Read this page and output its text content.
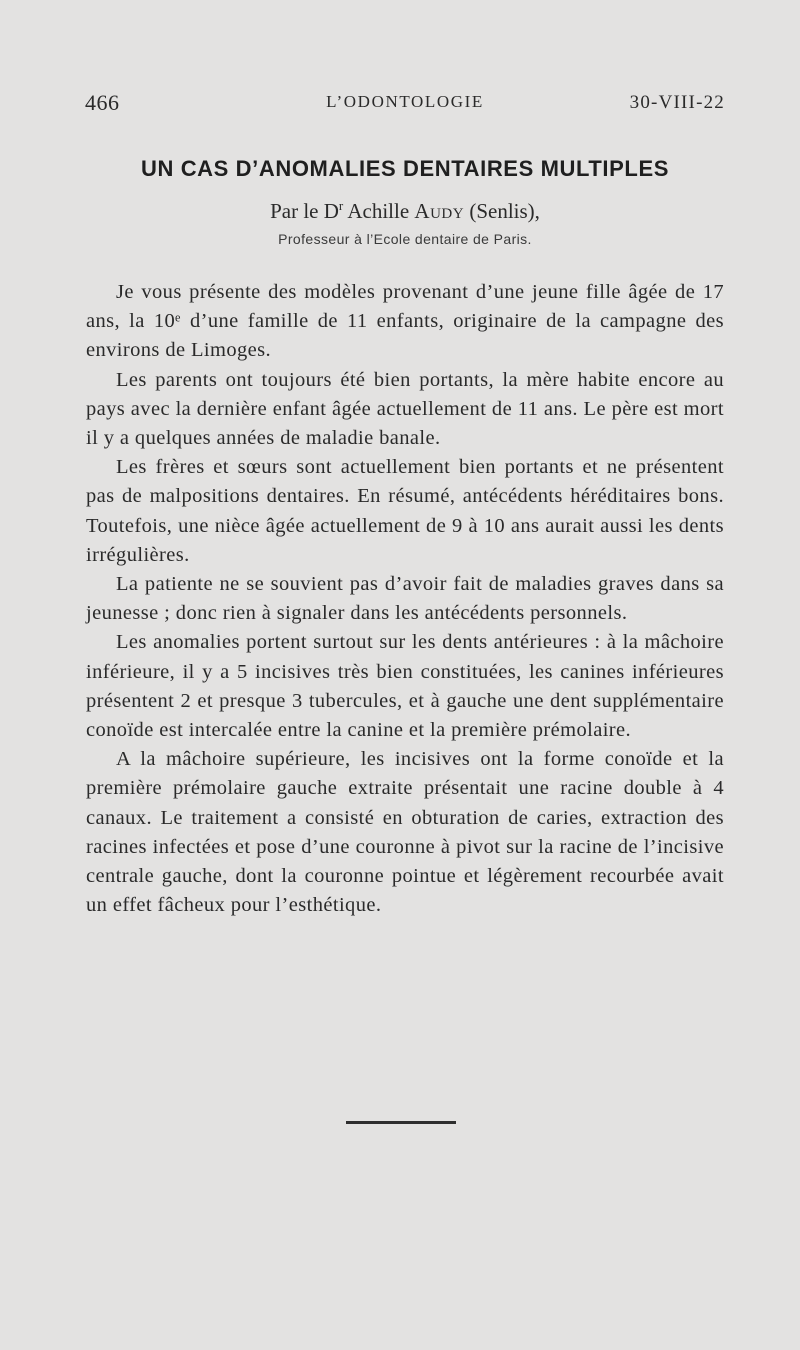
466	L’ODONTOLOGIE	30-VIII-22
UN CAS D’ANOMALIES DENTAIRES MULTIPLES
Par le $D^r$ Achille Audy (Senlis),
Professeur à l’Ecole dentaire de Paris.

Je vous présente des modèles provenant d’une jeune fille âgée de 17 ans, la 10ᵉ d’une famille de 11 enfants, originaire de la campagne des environs de Limoges.

Les parents ont toujours été bien portants, la mère habite encore au pays avec la dernière enfant âgée actuellement de 11 ans. Le père est mort il y a quelques années de maladie banale.

Les frères et sœurs sont actuellement bien portants et ne présentent pas de malpositions dentaires. En résumé, antécédents héréditaires bons. Toutefois, une nièce âgée actuellement de 9 à 10 ans aurait aussi les dents irrégulières.

La patiente ne se souvient pas d’avoir fait de maladies graves dans sa jeunesse ; donc rien à signaler dans les antécédents personnels.

Les anomalies portent surtout sur les dents antérieures : à la mâchoire inférieure, il y a 5 incisives très bien constituées, les canines inférieures présentent 2 et presque 3 tubercules, et à gauche une dent supplémentaire conoïde est intercalée entre la canine et la première prémolaire.

A la mâchoire supérieure, les incisives ont la forme conoïde et la première prémolaire gauche extraite présentait une racine double à 4 canaux. Le traitement a consisté en obturation de caries, extraction des racines infectées et pose d’une couronne à pivot sur la racine de l’incisive centrale gauche, dont la couronne pointue et légèrement recourbée avait un effet fâcheux pour l’esthétique.
